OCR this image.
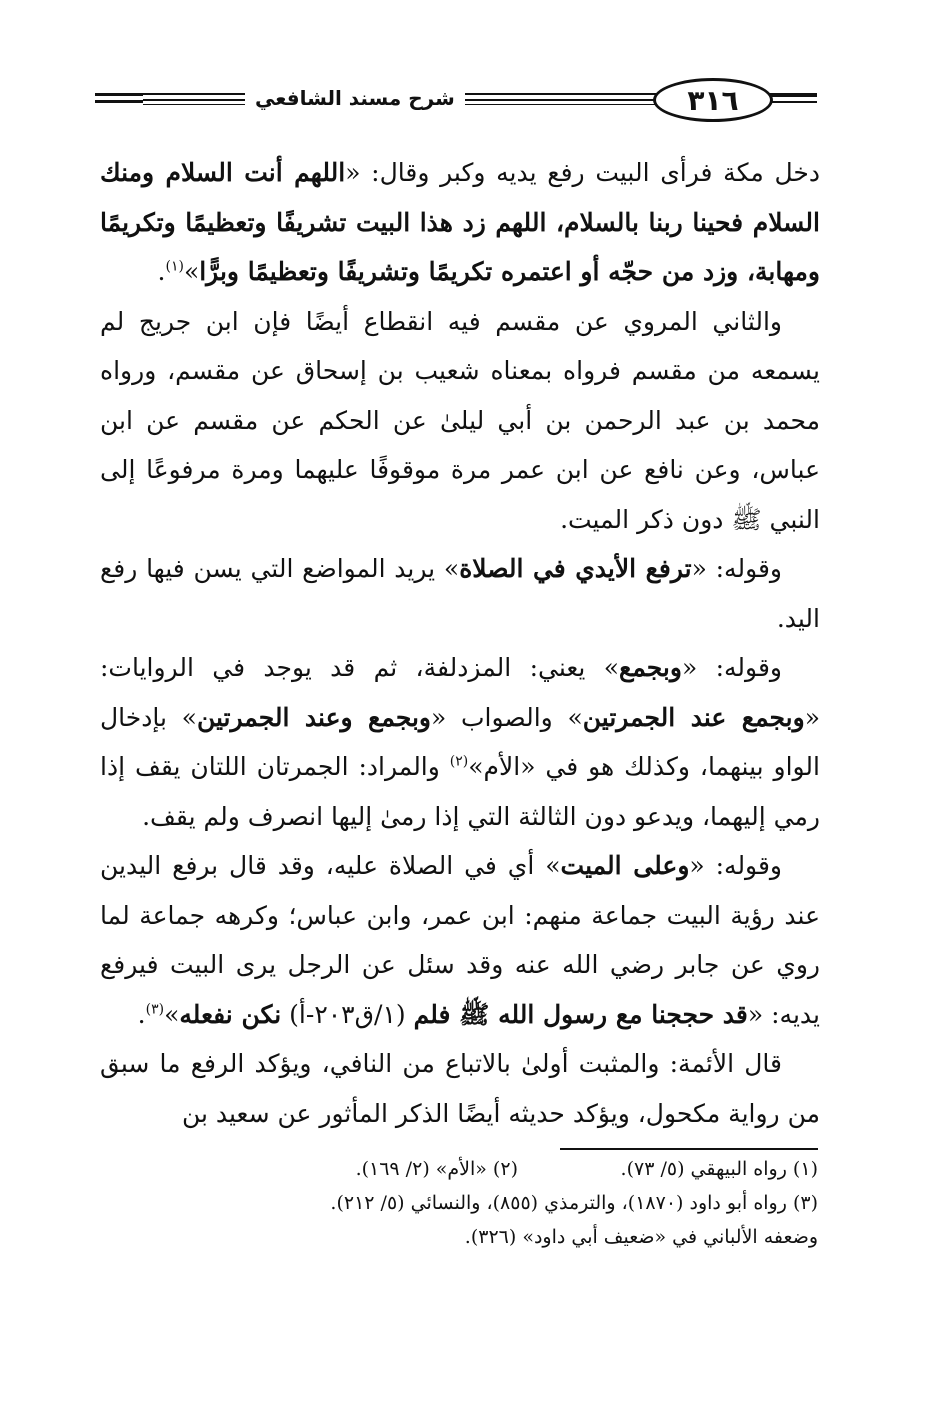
شرح مسند الشافعي	٣١٦

دخل مكة فرأى البيت رفع يديه وكبر وقال: «اللهم أنت السلام ومنك السلام فحينا ربنا بالسلام، اللهم زد هذا البيت تشريفًا وتعظيمًا وتكريمًا ومهابة، وزد من حجّه أو اعتمره تكريمًا وتشريفًا وتعظيمًا وبرًّا»$^{(١)}$.

والثاني المروي عن مقسم فيه انقطاع أيضًا فإن ابن جريج لم يسمعه من مقسم فرواه بمعناه شعيب بن إسحاق عن مقسم، ورواه محمد بن عبد الرحمن بن أبي ليلىٰ عن الحكم عن مقسم عن ابن عباس، وعن نافع عن ابن عمر مرة موقوفًا عليهما ومرة مرفوعًا إلى النبي ﷺ دون ذكر الميت.

وقوله: «ترفع الأيدي في الصلاة» يريد المواضع التي يسن فيها رفع اليد.

وقوله: «وبجمع» يعني: المزدلفة، ثم قد يوجد في الروايات: «وبجمع عند الجمرتين» والصواب «وبجمع وعند الجمرتين» بإدخال الواو بينهما، وكذلك هو في «الأم»$^{(٢)}$ والمراد: الجمرتان اللتان يقف إذا رمي إليهما، ويدعو دون الثالثة التي إذا رمىٰ إليها انصرف ولم يقف.

وقوله: «وعلى الميت» أي في الصلاة عليه، وقد قال برفع اليدين عند رؤية البيت جماعة منهم: ابن عمر، وابن عباس؛ وكرهه جماعة لما روي عن جابر رضي الله عنه وقد سئل عن الرجل يرى البيت فيرفع يديه: «قد حججنا مع رسول الله ﷺ فلم (١/ق٢٠٣-أ) نكن نفعله»$^{(٣)}$.

قال الأئمة: والمثبت أولىٰ بالاتباع من النافي، ويؤكد الرفع ما سبق من رواية مكحول، ويؤكد حديثه أيضًا الذكر المأثور عن سعيد بن

(١) رواه البيهقي (٥/ ٧٣).
(٢) «الأم» (٢/ ١٦٩).
(٣) رواه أبو داود (١٨٧٠)، والترمذي (٨٥٥)، والنسائي (٥/ ٢١٢).
وضعفه الألباني في «ضعيف أبي داود» (٣٢٦).
